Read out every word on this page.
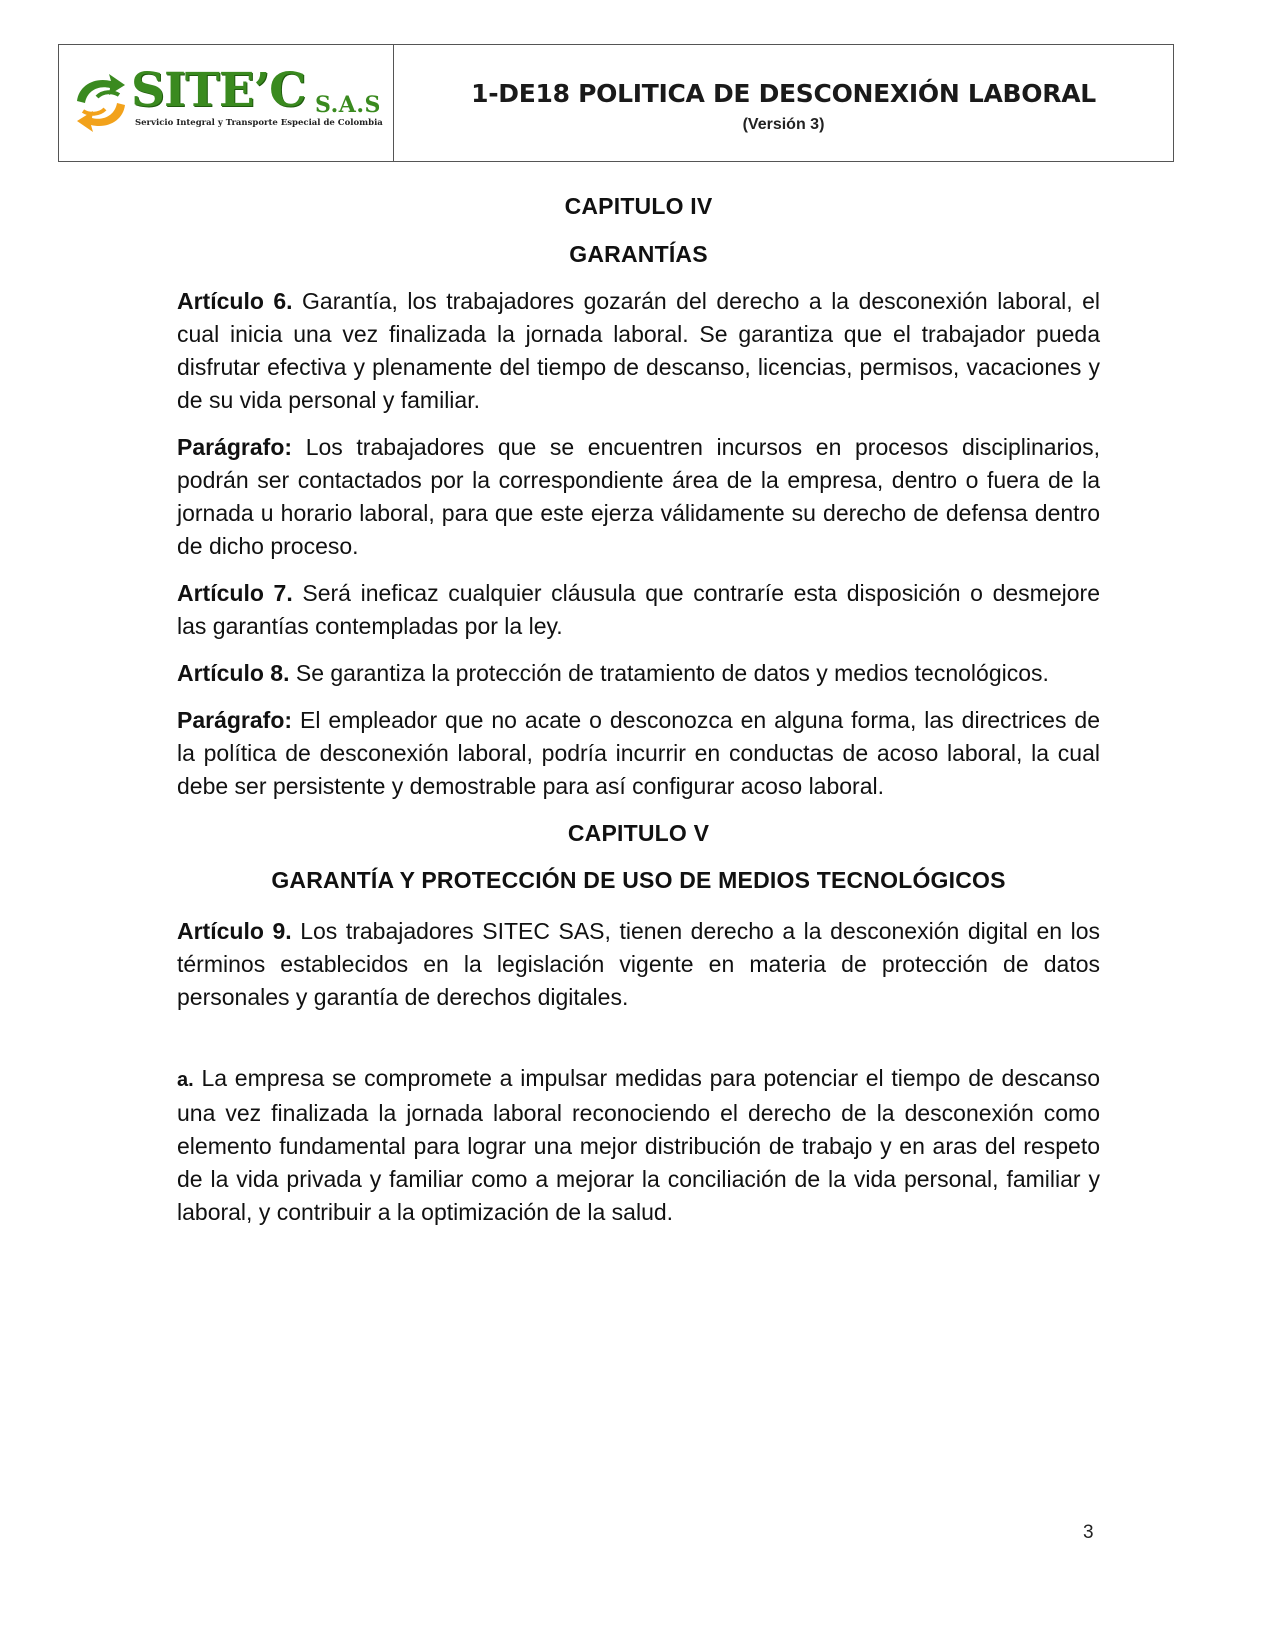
SITE’C S.A.S
Servicio Integral y Transporte Especial de Colombia
1-DE18 POLITICA DE DESCONEXIÓN LABORAL
(Versión 3)

CAPITULO IV

GARANTÍAS

Artículo 6. Garantía, los trabajadores gozarán del derecho a la desconexión laboral, el cual inicia una vez finalizada la jornada laboral. Se garantiza que el trabajador pueda disfrutar efectiva y plenamente del tiempo de descanso, licencias, permisos, vacaciones y de su vida personal y familiar.

Parágrafo: Los trabajadores que se encuentren incursos en procesos disciplinarios, podrán ser contactados por la correspondiente área de la empresa, dentro o fuera de la jornada u horario laboral, para que este ejerza válidamente su derecho de defensa dentro de dicho proceso.

Artículo 7. Será ineficaz cualquier cláusula que contraríe esta disposición o desmejore las garantías contempladas por la ley.

Artículo 8. Se garantiza la protección de tratamiento de datos y medios tecnológicos.

Parágrafo: El empleador que no acate o desconozca en alguna forma, las directrices de la política de desconexión laboral, podría incurrir en conductas de acoso laboral, la cual debe ser persistente y demostrable para así configurar acoso laboral.

CAPITULO V

GARANTÍA Y PROTECCIÓN DE USO DE MEDIOS TECNOLÓGICOS

Artículo 9. Los trabajadores SITEC SAS, tienen derecho a la desconexión digital en los términos establecidos en la legislación vigente en materia de protección de datos personales y garantía de derechos digitales.

a. La empresa se compromete a impulsar medidas para potenciar el tiempo de descanso una vez finalizada la jornada laboral reconociendo el derecho de la desconexión como elemento fundamental para lograr una mejor distribución de trabajo y en aras del respeto de la vida privada y familiar como a mejorar la conciliación de la vida personal, familiar y laboral, y contribuir a la optimización de la salud.

3
